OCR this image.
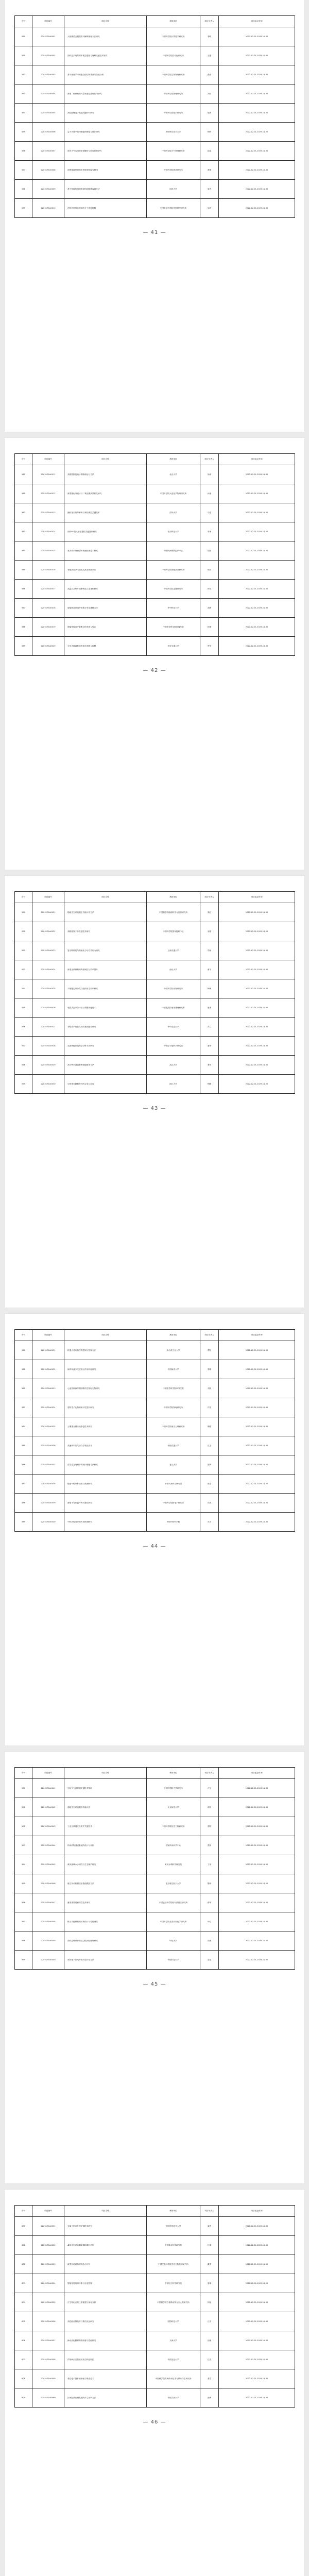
序号	项目编号	项目名称	承担单位	项目负责人	项目起止时间
550	2203171A0001	大规模语言模型的可解释推理方法研究	中国科学院计算技术研究所	李明	2022.12.01-2025.11.30
551	2203171A0002	面向复杂场景的多模态感知与理解关键技术研究	中国科学院自动化研究所	王强	2022.12.01-2025.11.30
552	2203171A0003	基于深度学习的蛋白质结构预测与功能分析	中国科学院生物物理研究所	张伟	2022.12.01-2025.11.30
553	2203171A0004	新型二维材料的可控制备及器件应用研究	中国科学院物理研究所	刘洋	2022.12.01-2025.11.30
554	2203171A0005	高性能锂离子电池关键材料研究	中国科学院化学研究所	陈静	2022.12.01-2025.11.30
555	2203171A0006	量子计算中的纠错编码理论与算法研究	中国科学技术大学	杨帆	2022.12.01-2025.11.30
556	2203171A0007	城市大气污染物来源解析与协同控制研究	中国科学院大气物理研究所	赵磊	2022.12.01-2025.11.30
557	2203171A0008	深海极端环境微生物资源挖掘与利用	中国科学院海洋研究所	黄敏	2022.12.01-2025.11.30
558	2203171A0009	基于智能传感的桥梁结构健康监测方法	同济大学	周杰	2022.12.01-2025.11.30
559	2203171A0010	作物抗逆性状形成的分子调控机制	中国农业科学院作物科学研究所	吴婷	2022.12.01-2025.11.30
— 41 —
序号	项目编号	项目名称	承担单位	项目负责人	项目起止时间
560	2203171A0011	高维数据的统计推断理论与方法	北京大学	徐涛	2022.12.01-2025.11.30
561	2203171A0012	新型催化剂设计与二氧化碳高效转化研究	中国科学院大连化学物理研究所	孙丽	2022.12.01-2025.11.30
562	2203171A0013	脑机接口信号解码与神经调控关键技术	清华大学	马超	2022.12.01-2025.11.30
563	2203171A0014	面向6G的太赫兹通信关键器件研究	电子科技大学	朱琳	2022.12.01-2025.11.30
564	2203171A0015	重大传染病病原体快速检测技术研究	中国疾病预防控制中心	胡斌	2022.12.01-2025.11.30
565	2203171A0016	青藏高原冰川变化及其水资源效应	中国科学院青藏高原研究所	郭亮	2022.12.01-2025.11.30
566	2203171A0017	高温合金叶片精密铸造工艺优化研究	中国科学院金属研究所	何雪	2022.12.01-2025.11.30
567	2203171A0018	智能制造系统中的数字孪生建模方法	华中科技大学	高峰	2022.12.01-2025.11.30
568	2203171A0019	肿瘤免疫治疗新靶点的发现与验证	中国医学科学院肿瘤医院	林娜	2022.12.01-2025.11.30
569	2203171A0020	分布式能源系统的优化调度与控制	西安交通大学	罗军	2022.12.01-2025.11.30
— 42 —
序号	项目编号	项目名称	承担单位	项目负责人	项目起止时间
570	2203171A0021	陆地生态系统碳汇功能评估方法	中国科学院地理科学与资源研究所	梁红	2022.12.01-2025.11.30
571	2203171A0022	高精度原子钟关键技术研究	中国科学院国家授时中心	宋健	2022.12.01-2025.11.30
572	2203171A0023	复杂网络的结构演化与动力学行为研究	上海交通大学	郑雨	2022.12.01-2025.11.30
573	2203171A0024	新型光伏材料的界面调控与效率提升	南京大学	谢飞	2022.12.01-2025.11.30
574	2203171A0025	干细胞定向分化与组织再生机制研究	中国科学院动物研究所	韩梅	2022.12.01-2025.11.30
575	2203171A0026	地震灾害风险评估与预警关键技术	中国地震局地球物理研究所	唐勇	2022.12.01-2025.11.30
576	2203171A0027	水稻高产优质性状的基因组学研究	华中农业大学	冯兰	2022.12.01-2025.11.30
577	2203171A0028	先进核能系统安全分析方法研究	中国原子能科学研究院	董华	2022.12.01-2025.11.30
578	2203171A0029	高分辨率遥感影像智能解译方法	武汉大学	萧然	2022.12.01-2025.11.30
579	2203171A0030	生物基可降解材料的合成与应用	浙江大学	程鹏	2022.12.01-2025.11.30
— 43 —
序号	项目编号	项目名称	承担单位	项目负责人	项目起止时间
580	2203171A0031	机器人灵巧操作的感知与控制方法	哈尔滨工业大学	曹阳	2022.12.01-2025.11.30
581	2203171A0032	海洋环流多尺度相互作用机理研究	中国海洋大学	袁晴	2022.12.01-2025.11.30
582	2203171A0033	心血管疾病早期诊断的生物标志物研究	中国医学科学院阜外医院	邓凯	2022.12.01-2025.11.30
583	2203171A0034	超导量子比特的相干性提升研究	中国科学院物理研究所	许悦	2022.12.01-2025.11.30
584	2203171A0035	土壤重金属污染修复技术研究	中国科学院南京土壤研究所	傅刚	2022.12.01-2025.11.30
585	2203171A0036	高速列车空气动力学优化设计	西南交通大学	沈玉	2022.12.01-2025.11.30
586	2203171A0037	自然语言处理中的知识增强方法研究	复旦大学	曾辉	2022.12.01-2025.11.30
587	2203171A0038	极端气候事件归因与预测研究	中国气象科学研究院	彭霞	2022.12.01-2025.11.30
588	2203171A0039	新型半导体器件的可靠性研究	中国科学院微电子研究所	吕波	2022.12.01-2025.11.30
589	2203171A0040	中药活性成分的作用机制研究	中国中医科学院	苏芳	2022.12.01-2025.11.30
— 44 —
序号	项目编号	项目名称	承担单位	项目负责人	项目起止时间
590	2203171A0041	空间引力波探测关键技术预研	中国科学院力学研究所	卢东	2022.12.01-2025.11.30
591	2203171A0042	湿地生态系统服务功能评估	北京师范大学	蒋莉	2022.12.01-2025.11.30
592	2203171A0043	工业互联网安全防护关键技术	中国科学院信息工程研究所	蔡明	2022.12.01-2025.11.30
593	2203171A0044	纳米药物递送系统的设计与评价	国家纳米科学中心	贾静	2022.12.01-2025.11.30
594	2203171A0045	黄河流域水沙调控与生态保护研究	黄河水利科学研究院	丁伟	2022.12.01-2025.11.30
595	2203171A0046	航空发动机燃烧室数值模拟方法	北京航空航天大学	魏华	2022.12.01-2025.11.30
596	2203171A0047	畜禽重要疫病防控技术研究	中国农业科学院哈尔滨兽医研究所	薛军	2022.12.01-2025.11.30
597	2203171A0048	稀土功能材料的结构设计与性能调控	中国科学院长春应用化学研究所	叶红	2022.12.01-2025.11.30
598	2203171A0049	面向边缘计算的轻量化神经网络研究	中山大学	阎涛	2022.12.01-2025.11.30
599	2203171A0050	城市地下空间开发安全评估方法	中国矿业大学	余洁	2022.12.01-2025.11.30
— 45 —
序号	项目编号	项目名称	承担单位	项目负责人	项目起止时间
600	2203171A0051	光量子信息处理关键技术研究	中国科学技术大学	潘杰	2022.12.01-2025.11.30
601	2203171A0052	森林生态系统碳氮循环耦合机制	中国林业科学研究院	杜娟	2022.12.01-2025.11.30
602	2203171A0053	新型抗菌药物的筛选与评价	中国医学科学院医药生物技术研究所	戴勇	2022.12.01-2025.11.30
603	2203171A0054	智能电网故障诊断与自愈控制	中国电力科学研究院	夏琳	2022.12.01-2025.11.30
604	2203171A0055	古生物化石的三维重建与演化分析	中国科学院古脊椎动物与古人类研究所	钟磊	2022.12.01-2025.11.30
605	2203171A0056	高性能计算的并行算法优化研究	国防科技大学	汪洋	2022.12.01-2025.11.30
606	2203171A0057	海水淡化膜材料的制备与性能研究	天津大学	田敏	2022.12.01-2025.11.30
607	2203171A0058	作物病虫害智能识别与绿色防控	中国农业大学	任杰	2022.12.01-2025.11.30
608	2203171A0059	柔性电子器件的制备与集成技术	中国科学院苏州纳米技术与纳米仿生研究所	姜雪	2022.12.01-2025.11.30
609	2203171A0060	区域经济协调发展的计量分析方法	中国人民大学	范峰	2022.12.01-2025.11.30
— 46 —
